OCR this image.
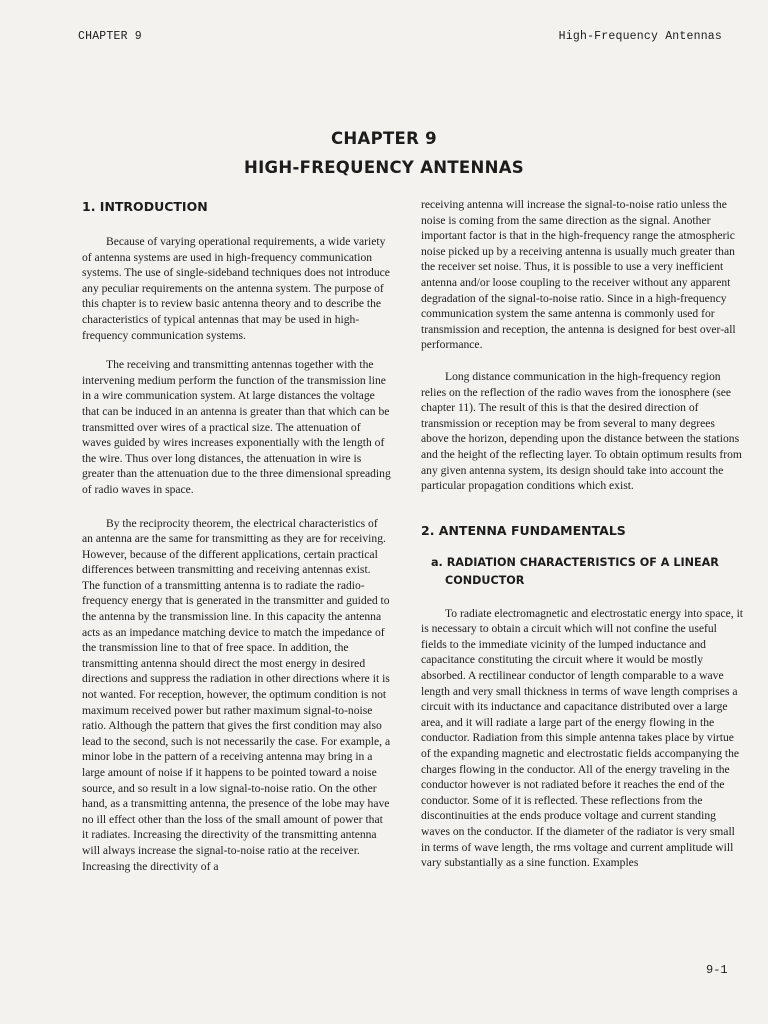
CHAPTER 9	High-Frequency Antennas
CHAPTER 9
HIGH-FREQUENCY ANTENNAS
1. INTRODUCTION

Because of varying operational requirements, a wide variety of antenna systems are used in high-frequency communication systems. The use of single-sideband techniques does not introduce any peculiar requirements on the antenna system. The purpose of this chapter is to review basic antenna theory and to describe the characteristics of typical antennas that may be used in high-frequency communication systems.

The receiving and transmitting antennas together with the intervening medium perform the function of the transmission line in a wire communication system. At large distances the voltage that can be induced in an antenna is greater than that which can be transmitted over wires of a practical size. The attenuation of waves guided by wires increases exponentially with the length of the wire. Thus over long distances, the attenuation in wire is greater than the attenuation due to the three dimensional spreading of radio waves in space.

By the reciprocity theorem, the electrical characteristics of an antenna are the same for transmitting as they are for receiving. However, because of the different applications, certain practical differences between transmitting and receiving antennas exist. The function of a transmitting antenna is to radiate the radio-frequency energy that is generated in the transmitter and guided to the antenna by the transmission line. In this capacity the antenna acts as an impedance matching device to match the impedance of the transmission line to that of free space. In addition, the transmitting antenna should direct the most energy in desired directions and suppress the radiation in other directions where it is not wanted. For reception, however, the optimum condition is not maximum received power but rather maximum signal-to-noise ratio. Although the pattern that gives the first condition may also lead to the second, such is not necessarily the case. For example, a minor lobe in the pattern of a receiving antenna may bring in a large amount of noise if it happens to be pointed toward a noise source, and so result in a low signal-to-noise ratio. On the other hand, as a transmitting antenna, the presence of the lobe may have no ill effect other than the loss of the small amount of power that it radiates. Increasing the directivity of the transmitting antenna will always increase the signal-to-noise ratio at the receiver. Increasing the directivity of a

receiving antenna will increase the signal-to-noise ratio unless the noise is coming from the same direction as the signal. Another important factor is that in the high-frequency range the atmospheric noise picked up by a receiving antenna is usually much greater than the receiver set noise. Thus, it is possible to use a very inefficient antenna and/or loose coupling to the receiver without any apparent degradation of the signal-to-noise ratio. Since in a high-frequency communication system the same antenna is commonly used for transmission and reception, the antenna is designed for best over-all performance.

Long distance communication in the high-frequency region relies on the reflection of the radio waves from the ionosphere (see chapter 11). The result of this is that the desired direction of transmission or reception may be from several to many degrees above the horizon, depending upon the distance between the stations and the height of the reflecting layer. To obtain optimum results from any given antenna system, its design should take into account the particular propagation conditions which exist.

2. ANTENNA FUNDAMENTALS
a. RADIATION CHARACTERISTICS OF A LINEAR CONDUCTOR

To radiate electromagnetic and electrostatic energy into space, it is necessary to obtain a circuit which will not confine the useful fields to the immediate vicinity of the lumped inductance and capacitance constituting the circuit where it would be mostly absorbed. A rectilinear conductor of length comparable to a wave length and very small thickness in terms of wave length comprises a circuit with its inductance and capacitance distributed over a large area, and it will radiate a large part of the energy flowing in the conductor. Radiation from this simple antenna takes place by virtue of the expanding magnetic and electrostatic fields accompanying the charges flowing in the conductor. All of the energy traveling in the conductor however is not radiated before it reaches the end of the conductor. Some of it is reflected. These reflections from the discontinuities at the ends produce voltage and current standing waves on the conductor. If the diameter of the radiator is very small in terms of wave length, the rms voltage and current amplitude will vary substantially as a sine function. Examples

9-1
